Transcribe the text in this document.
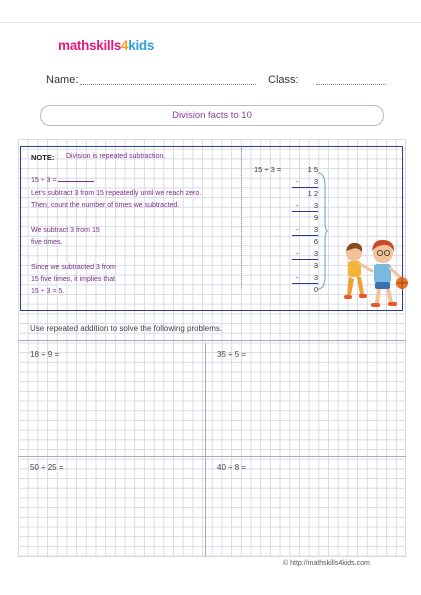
mathskills4kids
Name:	Class:
Division facts to 10
NOTE: Division is repeated subtraction.
15 ÷ 3 =
Let's subtract 3 from 15 repeatedly until we reach zero.
Then, count the number of times we subtracted.
We subtract 3 from 15
five times.
Since we subtracted 3 from
15 five times, it implies that
15 ÷ 3 = 5.
15 ÷ 3 =	1 5
- 3
1 2
- 3
9
- 3
6
- 3
3
- 3
0
Use repeated addition to solve the following problems.
18 ÷ 9 =	35 ÷ 5 =
50 ÷ 25 =	40 ÷ 8 =
© http://mathskills4kids.com
